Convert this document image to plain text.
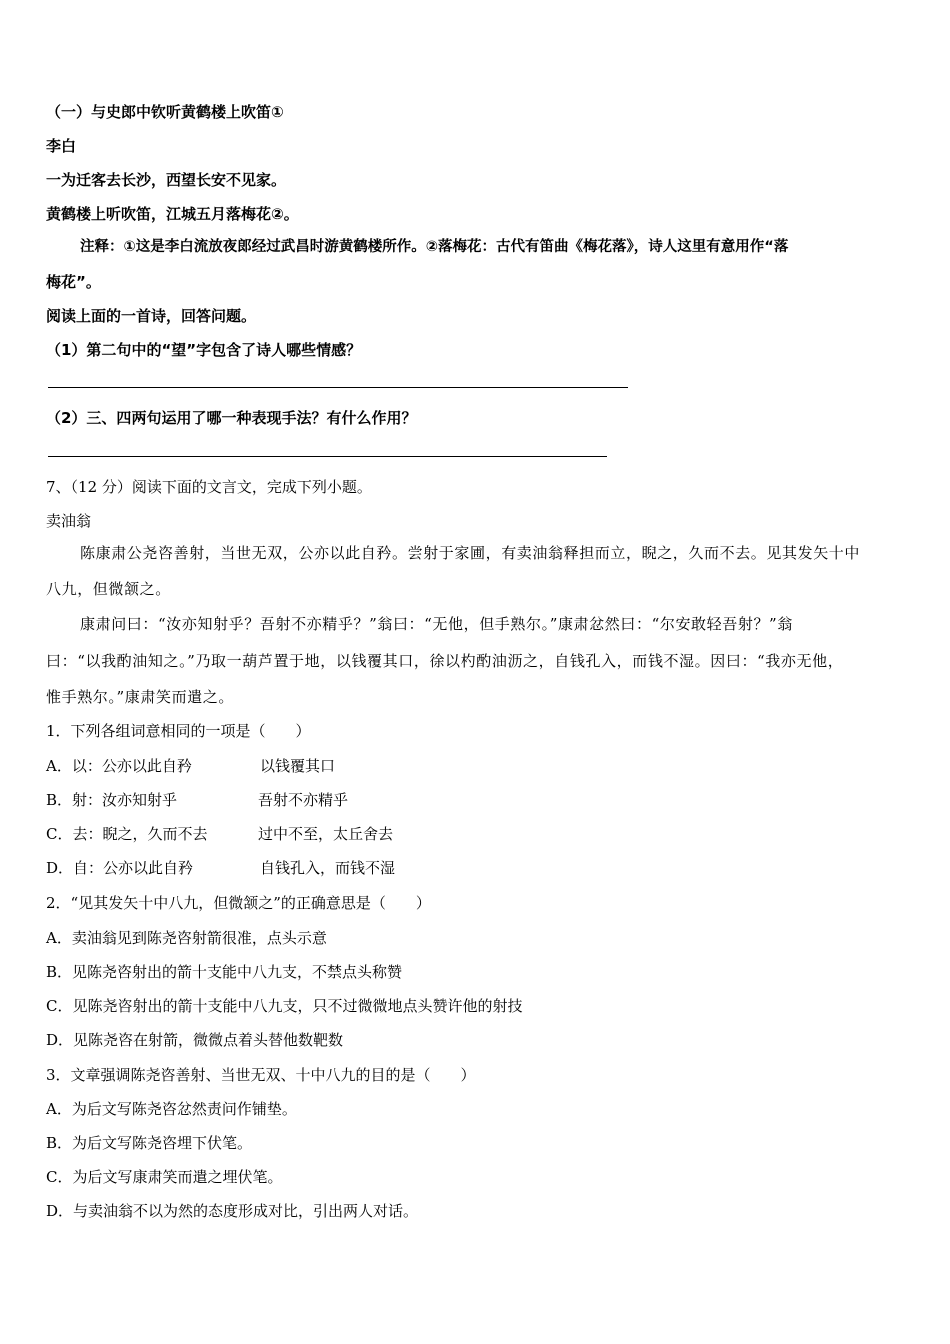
（一）与史郎中钦听黄鹤楼上吹笛①
李白
一为迁客去长沙，西望长安不见家。
黄鹤楼上听吹笛，江城五月落梅花②。
注释：①这是李白流放夜郎经过武昌时游黄鹤楼所作。②落梅花：古代有笛曲《梅花落》，诗人这里有意用作“落
梅花”。
阅读上面的一首诗，回答问题。
（1）第二句中的“望”字包含了诗人哪些情感？
（2）三、四两句运用了哪一种表现手法？有什么作用？
7、（12 分）阅读下面的文言文，完成下列小题。
卖油翁
陈康肃公尧咨善射，当世无双，公亦以此自矜。尝射于家圃，有卖油翁释担而立，睨之，久而不去。见其发矢十中
八九，但微颔之。
康肃问曰：“汝亦知射乎？吾射不亦精乎？”翁曰：“无他，但手熟尔。”康肃忿然曰：“尔安敢轻吾射？”翁
曰：“以我酌油知之。”乃取一葫芦置于地，以钱覆其口，徐以杓酌油沥之，自钱孔入，而钱不湿。因曰：“我亦无他，
惟手熟尔。”康肃笑而遣之。
1．下列各组词意相同的一项是（　　）
A．以：公亦以此自矜	以钱覆其口
B．射：汝亦知射乎	吾射不亦精乎
C．去：睨之，久而不去	过中不至，太丘舍去
D．自：公亦以此自矜	自钱孔入，而钱不湿
2．“见其发矢十中八九，但微颔之”的正确意思是（　　）
A．卖油翁见到陈尧咨射箭很准，点头示意
B．见陈尧咨射出的箭十支能中八九支，不禁点头称赞
C．见陈尧咨射出的箭十支能中八九支，只不过微微地点头赞许他的射技
D．见陈尧咨在射箭，微微点着头替他数靶数
3．文章强调陈尧咨善射、当世无双、十中八九的目的是（　　）
A．为后文写陈尧咨忿然责问作铺垫。
B．为后文写陈尧咨埋下伏笔。
C．为后文写康肃笑而遣之埋伏笔。
D．与卖油翁不以为然的态度形成对比，引出两人对话。
